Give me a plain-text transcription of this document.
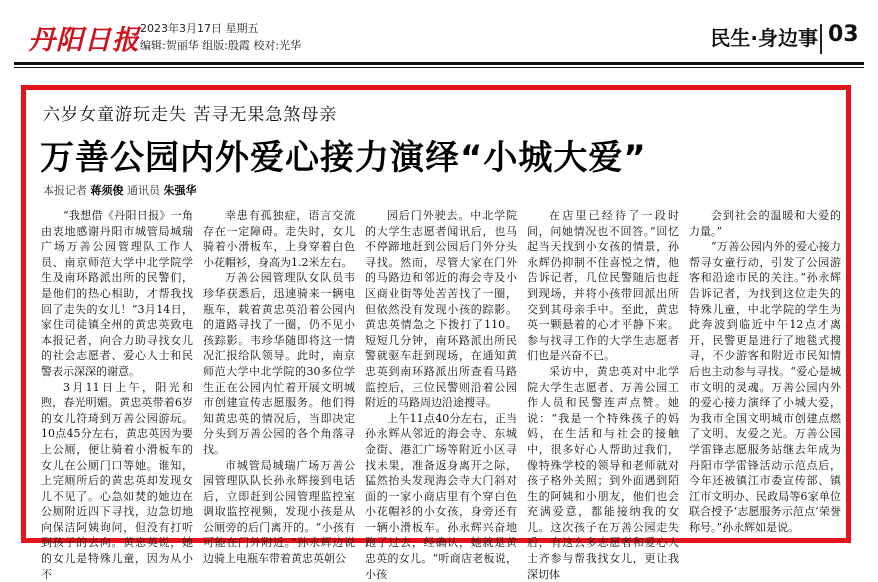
丹阳日报 2023年3月17日 星期五
编辑:贺丽华 组版:殷霞 校对:光华	民生·身边事 03
六岁女童游玩走失 苦寻无果急煞母亲
万善公园内外爱心接力演绎“小城大爱”
本报记者 蒋须俊 通讯员 朱强华

“我想借《丹阳日报》一角由衷地感谢丹阳市城管局城瑞广场万善公园管理队工作人员、南京师范大学中北学院学生及南环路派出所的民警们，是他们的热心相助，才帮我找回了走失的女儿！”3月14日，家住司徒镇全州的黄忠英致电本报记者，向合力助寻找女儿的社会志愿者、爱心人士和民警表示深深的谢意。

3月11日上午，阳光和煦，春光明媚。黄忠英带着6岁的女儿符琦到万善公园游玩。10点45分左右，黄忠英因为要上公厕，便让骑着小滑板车的女儿在公厕门口等她。谁知，上完厕所后的黄忠英却发现女儿不见了。心急如焚的她边在公厕附近四下寻找，边急切地向保洁阿姨询问，但没有打听到孩子的去向。黄忠英说，她的女儿是特殊儿童，因为从小不

幸患有孤独症，语言交流存在一定障碍。走失时，女儿骑着小滑板车，上身穿着白色小花帽衫，身高为1.2米左右。

万善公园管理队女队员韦珍华获悉后，迅速骑来一辆电瓶车，载着黄忠英沿着公园内的道路寻找了一圈，仍不见小孩踪影。韦珍华随即将这一情况汇报给队领导。此时，南京师范大学中北学院的30多位学生正在公园内忙着开展文明城市创建宣传志愿服务。他们得知黄忠英的情况后，当即决定分头到万善公园的各个角落寻找。

市城管局城瑞广场万善公园管理队队长孙永辉接到电话后，立即赶到公园管理监控室调取监控视频，发现小孩是从公厕旁的后门离开的。“小孩有可能在门外附近。”孙永辉边说边骑上电瓶车带着黄忠英朝公

园后门外驶去。中北学院的大学生志愿者闻讯后，也马不停蹄地赶到公园后门外分头寻找。然而，尽管大家在门外的马路边和邻近的海会寺及小区商业街等处苦苦找了一圈，但依然没有发现小孩的踪影。黄忠英情急之下拨打了110。短短几分钟，南环路派出所民警就驱车赶到现场，在通知黄忠英到南环路派出所查看马路监控后，三位民警则沿着公园附近的马路周边沿途搜寻。

上午11点40分左右，正当孙永辉从邻近的海会寺、东城金街、港汇广场等附近小区寻找未果，准备返身离开之际，猛然抬头发现海会寺大门斜对面的一家小商店里有个穿白色小花帽衫的小女孩，身旁还有一辆小滑板车。孙永辉兴奋地跑了过去，经确认，她就是黄忠英的女儿。“听商店老板说，小孩

在店里已经待了一段时间，问她情况也不回答。”回忆起当天找到小女孩的情景，孙永辉仍抑制不住喜悦之情，他告诉记者，几位民警随后也赶到现场，并将小孩带回派出所交到其母亲手中。至此，黄忠英一颗悬着的心才平静下来。参与找寻工作的大学生志愿者们也是兴奋不已。

采访中，黄忠英对中北学院大学生志愿者、万善公园工作人员和民警连声点赞。她说：“我是一个特殊孩子的妈妈，在生活和与社会的接触中，很多好心人帮助过我们，像特殊学校的领导和老师就对孩子格外关照；到外面遇到陌生的阿姨和小朋友，他们也会充满爱意，都能接纳我的女儿。这次孩子在万善公园走失后，有这么多志愿者和爱心人士齐参与帮我找女儿，更让我深切体

会到社会的温暖和大爱的力量。”

“万善公园内外的爱心接力帮寻女童行动，引发了公园游客和沿途市民的关注。”孙永辉告诉记者，为找到这位走失的特殊儿童，中北学院的学生为此奔波到临近中午12点才离开，民警更是进行了地毯式搜寻，不少游客和附近市民知情后也主动参与寻找。“爱心是城市文明的灵魂。万善公园内外的爱心接力演绎了小城大爱，为我市全国文明城市创建点燃了文明、友爱之光。万善公园学雷锋志愿服务站继去年成为丹阳市学雷锋活动示范点后，今年还被镇江市委宣传部、镇江市文明办、民政局等6家单位联合授予‘志愿服务示范点’荣誉称号。”孙永辉如是说。
